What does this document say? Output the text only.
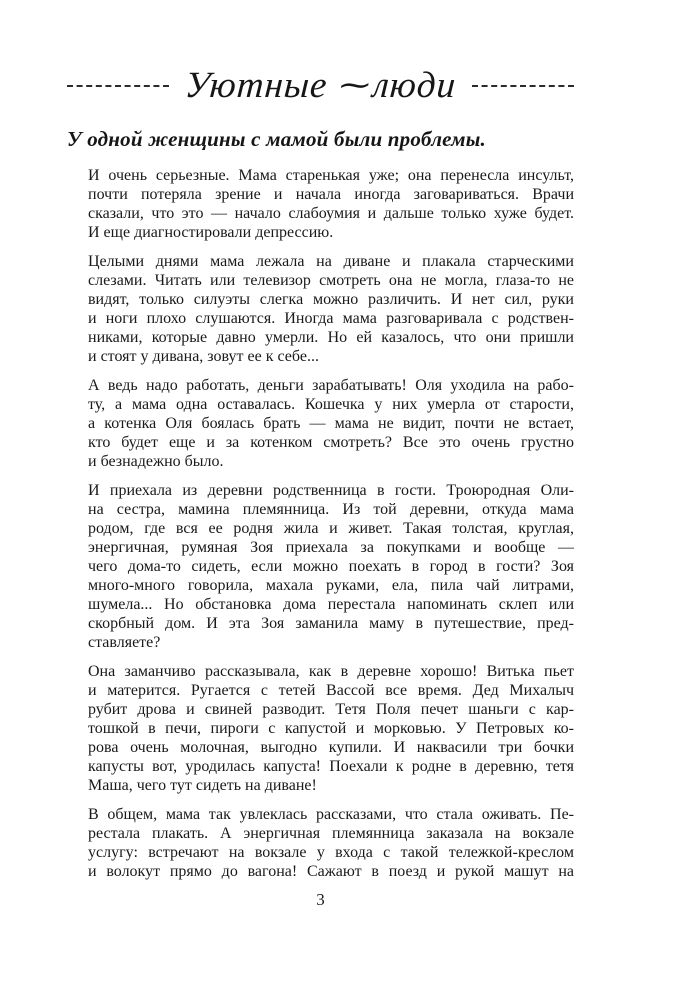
Уютные ⁓люди
У одной женщины с мамой были проблемы.
И очень серьезные. Мама старенькая уже; она перенесла инсульт,
почти потеряла зрение и начала иногда заговариваться. Врачи
сказали, что это — начало слабоумия и дальше только хуже будет.
И еще диагностировали депрессию.
Целыми днями мама лежала на диване и плакала старческими
слезами. Читать или телевизор смотреть она не могла, глаза-то не
видят, только силуэты слегка можно различить. И нет сил, руки
и ноги плохо слушаются. Иногда мама разговаривала с родствен-
никами, которые давно умерли. Но ей казалось, что они пришли
и стоят у дивана, зовут ее к себе...
А ведь надо работать, деньги зарабатывать! Оля уходила на рабо-
ту, а мама одна оставалась. Кошечка у них умерла от старости,
а котенка Оля боялась брать — мама не видит, почти не встает,
кто будет еще и за котенком смотреть? Все это очень грустно
и безнадежно было.
И приехала из деревни родственница в гости. Троюродная Оли-
на сестра, мамина племянница. Из той деревни, откуда мама
родом, где вся ее родня жила и живет. Такая толстая, круглая,
энергичная, румяная Зоя приехала за покупками и вообще —
чего дома-то сидеть, если можно поехать в город в гости? Зоя
много-много говорила, махала руками, ела, пила чай литрами,
шумела... Но обстановка дома перестала напоминать склеп или
скорбный дом. И эта Зоя заманила маму в путешествие, пред-
ставляете?
Она заманчиво рассказывала, как в деревне хорошо! Витька пьет
и матерится. Ругается с тетей Вассой все время. Дед Михалыч
рубит дрова и свиней разводит. Тетя Поля печет шаньги с кар-
тошкой в печи, пироги с капустой и морковью. У Петровых ко-
рова очень молочная, выгодно купили. И наквасили три бочки
капусты вот, уродилась капуста! Поехали к родне в деревню, тетя
Маша, чего тут сидеть на диване!
В общем, мама так увлеклась рассказами, что стала оживать. Пе-
рестала плакать. А энергичная племянница заказала на вокзале
услугу: встречают на вокзале у входа с такой тележкой-креслом
и волокут прямо до вагона! Сажают в поезд и рукой машут на
3
